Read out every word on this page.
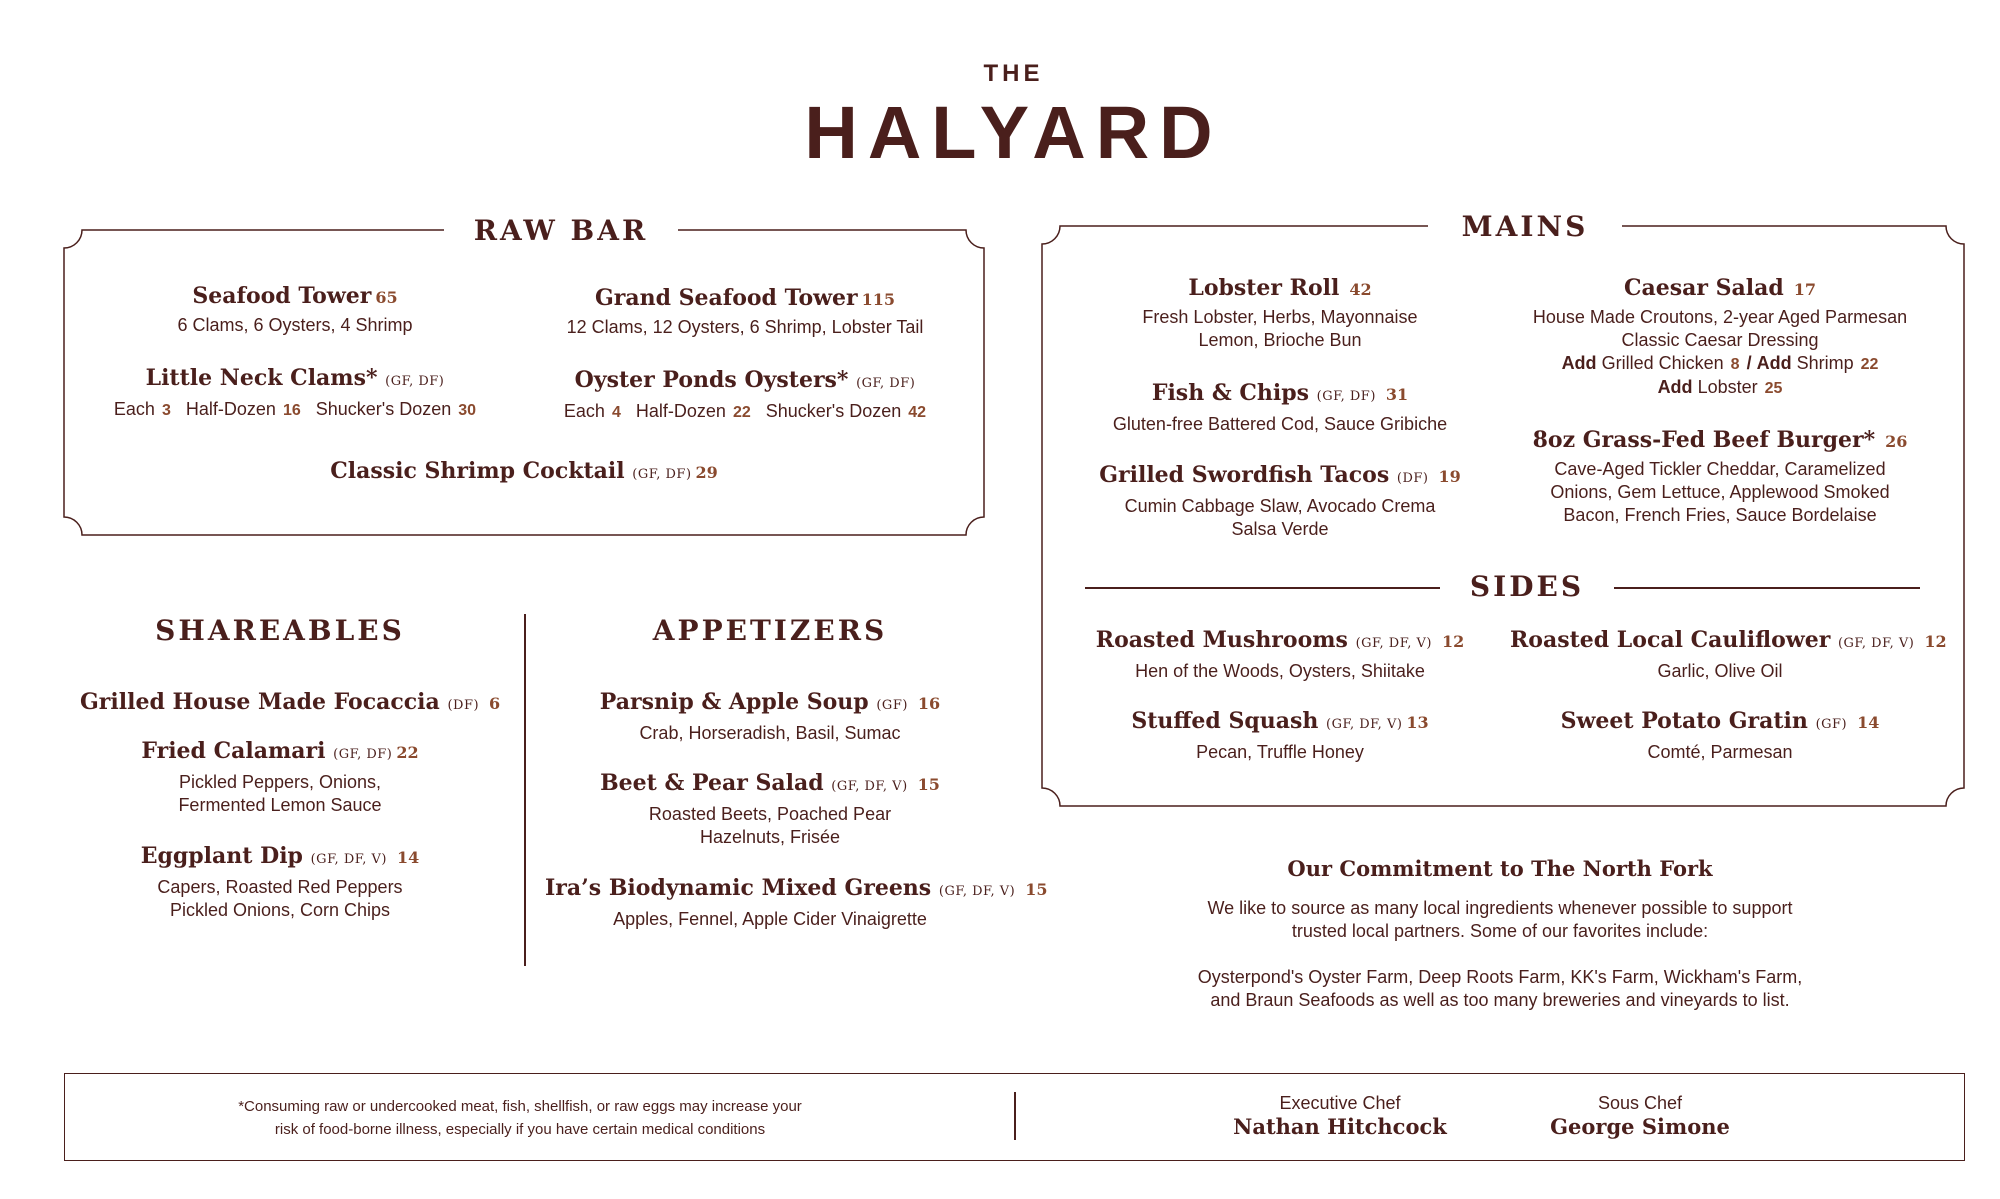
THE
HALYARD
RAW BAR
Seafood Tower 65
6 Clams, 6 Oysters, 4 Shrimp
Grand Seafood Tower 115
12 Clams, 12 Oysters, 6 Shrimp, Lobster Tail
Little Neck Clams* (GF, DF)
Each 3 Half-Dozen 16 Shucker's Dozen 30
Oyster Ponds Oysters* (GF, DF)
Each 4 Half-Dozen 22 Shucker's Dozen 42
Classic Shrimp Cocktail (GF, DF) 29
MAINS
Lobster Roll 42
Fresh Lobster, Herbs, Mayonnaise
Lemon, Brioche Bun
Fish & Chips (GF, DF) 31
Gluten-free Battered Cod, Sauce Gribiche
Grilled Swordfish Tacos (DF) 19
Cumin Cabbage Slaw, Avocado Crema
Salsa Verde
Caesar Salad 17
House Made Croutons, 2-year Aged Parmesan
Classic Caesar Dressing
Add Grilled Chicken 8 / Add Shrimp 22
Add Lobster 25
8oz Grass-Fed Beef Burger* 26
Cave-Aged Tickler Cheddar, Caramelized
Onions, Gem Lettuce, Applewood Smoked
Bacon, French Fries, Sauce Bordelaise
SIDES
Roasted Mushrooms (GF, DF, V) 12
Hen of the Woods, Oysters, Shiitake
Roasted Local Cauliflower (GF, DF, V) 12
Garlic, Olive Oil
Stuffed Squash (GF, DF, V) 13
Pecan, Truffle Honey
Sweet Potato Gratin (GF) 14
Comté, Parmesan
SHAREABLES
Grilled House Made Focaccia (DF) 6
Fried Calamari (GF, DF) 22
Pickled Peppers, Onions,
Fermented Lemon Sauce
Eggplant Dip (GF, DF, V) 14
Capers, Roasted Red Peppers
Pickled Onions, Corn Chips
APPETIZERS
Parsnip & Apple Soup (GF) 16
Crab, Horseradish, Basil, Sumac
Beet & Pear Salad (GF, DF, V) 15
Roasted Beets, Poached Pear
Hazelnuts, Frisée
Ira’s Biodynamic Mixed Greens (GF, DF, V) 15
Apples, Fennel, Apple Cider Vinaigrette
Our Commitment to The North Fork
We like to source as many local ingredients whenever possible to support
trusted local partners. Some of our favorites include:

Oysterpond's Oyster Farm, Deep Roots Farm, KK's Farm, Wickham's Farm,
and Braun Seafoods as well as too many breweries and vineyards to list.
*Consuming raw or undercooked meat, fish, shellfish, or raw eggs may increase your
risk of food-borne illness, especially if you have certain medical conditions
Executive Chef
Nathan Hitchcock
Sous Chef
George Simone
